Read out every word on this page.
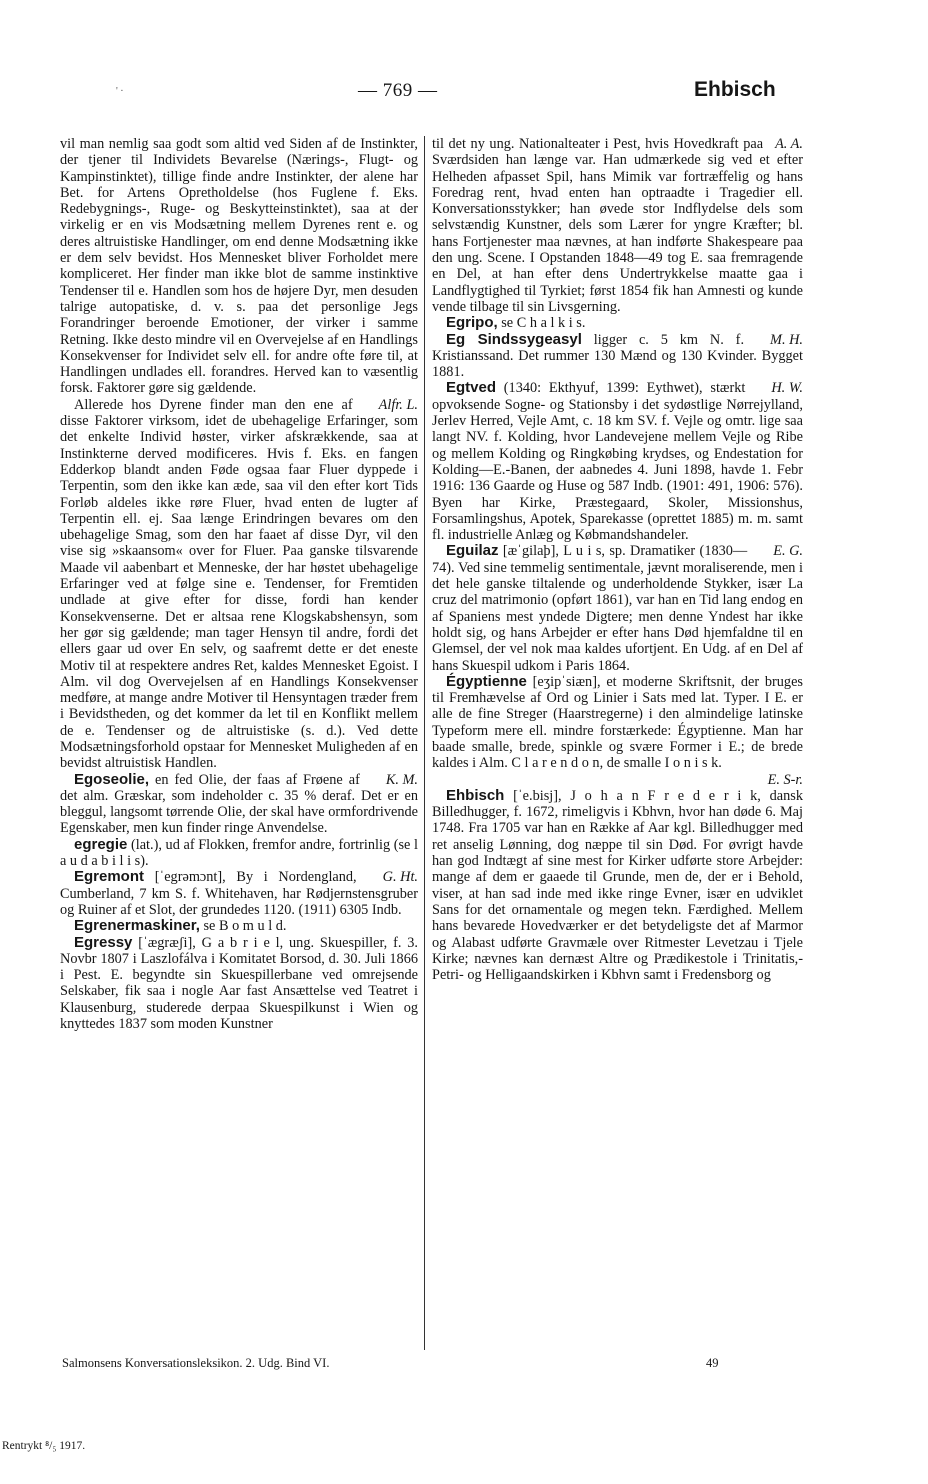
' ·	— 769 —	Ehbisch

vil man nemlig saa godt som altid ved Siden af de Instinkter, der tjener til Individets Bevarelse (Nærings-, Flugt- og Kampinstinktet), tillige finde andre Instinkter, der alene har Bet. for Artens Opretholdelse (hos Fuglene f. Eks. Redebygnings-, Ruge- og Beskytteinstinktet), saa at der virkelig er en vis Modsætning mellem Dyrenes rent e. og deres altruistiske Handlinger, om end denne Modsætning ikke er dem selv bevidst. Hos Mennesket bliver Forholdet mere kompliceret. Her finder man ikke blot de samme instinktive Tendenser til e. Handlen som hos de højere Dyr, men desuden talrige autopatiske, d. v. s. paa det personlige Jegs Forandringer beroende Emotioner, der virker i samme Retning. Ikke desto mindre vil en Overvejelse af en Handlings Konsekvenser for Individet selv ell. for andre ofte føre til, at Handlingen undlades ell. forandres. Herved kan to væsentlig forsk. Faktorer gøre sig gældende.

Alfr. L.
Allerede hos Dyrene finder man den ene af disse Faktorer virksom, idet de ubehagelige Erfaringer, som det enkelte Individ høster, virker afskrækkende, saa at Instinkterne derved modificeres. Hvis f. Eks. en fangen Edderkop blandt anden Føde ogsaa faar Fluer dyppede i Terpentin, som den ikke kan æde, saa vil den efter kort Tids Forløb aldeles ikke røre Fluer, hvad enten de lugter af Terpentin ell. ej. Saa længe Erindringen bevares om den ubehagelige Smag, som den har faaet af disse Dyr, vil den vise sig »skaansom« over for Fluer. Paa ganske tilsvarende Maade vil aabenbart et Menneske, der har høstet ubehagelige Erfaringer ved at følge sine e. Tendenser, for Fremtiden undlade at give efter for disse, fordi han kender Konsekvenserne. Det er altsaa rene Klogskabshensyn, som her gør sig gældende; man tager Hensyn til andre, fordi det ellers gaar ud over En selv, og saafremt dette er det eneste Motiv til at respektere andres Ret, kaldes Mennesket Egoist. I Alm. vil dog Overvejelsen af en Handlings Konsekvenser medføre, at mange andre Motiver til Hensyntagen træder frem i Bevidstheden, og det kommer da let til en Konflikt mellem de e. Tendenser og de altruistiske (s. d.). Ved dette Modsætningsforhold opstaar for Mennesket Muligheden af en bevidst altruistisk Handlen.

K. M.
Egoseolie, en fed Olie, der faas af Frøene af det alm. Græskar, som indeholder c. 35 % deraf. Det er en bleggul, langsomt tørrende Olie, der skal have ormfordrivende Egenskaber, men kun finder ringe Anvendelse.

egregie (lat.), ud af Flokken, fremfor andre, fortrinlig (se l a u d a b i l i s).

G. Ht.
Egremont [ˈegrəmɔnt], By i Nordengland, Cumberland, 7 km S. f. Whitehaven, har Rødjernstensgruber og Ruiner af et Slot, der grundedes 1120. (1911) 6305 Indb.

Egrenermaskiner, se B o m u l d.

Egressy [ˈægræʃi], G a b r i e l, ung. Skuespiller, f. 3. Novbr 1807 i Laszlofálva i Komitatet Borsod, d. 30. Juli 1866 i Pest. E. begyndte sin Skuespillerbane ved omrejsende Selskaber, fik saa i nogle Aar fast Ansættelse ved Teatret i Klausenburg, studerede derpaa Skuespilkunst i Wien og knyttedes 1837 som moden Kunstner

A. A.
til det ny ung. Nationalteater i Pest, hvis Hovedkraft paa Sværdsiden han længe var. Han udmærkede sig ved et efter Helheden afpasset Spil, hans Mimik var fortræffelig og hans Foredrag rent, hvad enten han optraadte i Tragedier ell. Konversationsstykker; han øvede stor Indflydelse dels som selvstændig Kunstner, dels som Lærer for yngre Kræfter; bl. hans Fortjenester maa nævnes, at han indførte Shakespeare paa den ung. Scene. I Opstanden 1848—49 tog E. saa fremragende en Del, at han efter dens Undertrykkelse maatte gaa i Landflygtighed til Tyrkiet; først 1854 fik han Amnesti og kunde vende tilbage til sin Livsgerning.

Egripo, se C h a l k i s.

M. H.
Eg Sindssygeasyl ligger c. 5 km N. f. Kristianssand. Det rummer 130 Mænd og 130 Kvinder. Bygget 1881.

H. W.
Egtved (1340: Ekthyuf, 1399: Eythwet), stærkt opvoksende Sogne- og Stationsby i det sydøstlige Nørrejylland, Jerlev Herred, Vejle Amt, c. 18 km SV. f. Vejle og omtr. lige saa langt NV. f. Kolding, hvor Landevejene mellem Vejle og Ribe og mellem Kolding og Ringkøbing krydses, og Endestation for Kolding—E.-Banen, der aabnedes 4. Juni 1898, havde 1. Febr 1916: 136 Gaarde og Huse og 587 Indb. (1901: 491, 1906: 576). Byen har Kirke, Præstegaard, Skoler, Missionshus, Forsamlingshus, Apotek, Sparekasse (oprettet 1885) m. m. samt fl. industrielle Anlæg og Købmandshandeler.

E. G.
Eguilaz [æˈgilaþ], L u i s, sp. Dramatiker (1830—74). Ved sine temmelig sentimentale, jævnt moraliserende, men i det hele ganske tiltalende og underholdende Stykker, især La cruz del matrimonio (opført 1861), var han en Tid lang endog en af Spaniens mest yndede Digtere; men denne Yndest har ikke holdt sig, og hans Arbejder er efter hans Død hjemfaldne til en Glemsel, der vel nok maa kaldes ufortjent. En Udg. af en Del af hans Skuespil udkom i Paris 1864.

Égyptienne [eʒipˈsiæn], et moderne Skriftsnit, der bruges til Fremhævelse af Ord og Linier i Sats med lat. Typer. I E. er alle de fine Streger (Haarstregerne) i den almindelige latinske Typeform mere ell. mindre forstærkede: Égyptienne. Man har baade smalle, brede, spinkle og svære Former i E.; de brede kaldes i Alm. C l a r e n d o n, de smalle I o n i s k.

E. S-r.

Ehbisch [ˈe.bisj], J o h a n F r e d e r i k, dansk Billedhugger, f. 1672, rimeligvis i Kbhvn, hvor han døde 6. Maj 1748. Fra 1705 var han en Række af Aar kgl. Billedhugger med ret anselig Lønning, dog næppe til sin Død. For øvrigt havde han god Indtægt af sine mest for Kirker udførte store Arbejder: mange af dem er gaaede til Grunde, men de, der er i Behold, viser, at han sad inde med ikke ringe Evner, især en udviklet Sans for det ornamentale og megen tekn. Færdighed. Mellem hans bevarede Hovedværker er det betydeligste det af Marmor og Alabast udførte Gravmæle over Ritmester Levetzau i Tjele Kirke; nævnes kan dernæst Altre og Prædikestole i Trinitatis,- Petri- og Helligaandskirken i Kbhvn samt i Fredensborg og

Salmonsens Konversationsleksikon. 2. Udg. Bind VI.	49
Rentrykt ⁸/₅ 1917.
